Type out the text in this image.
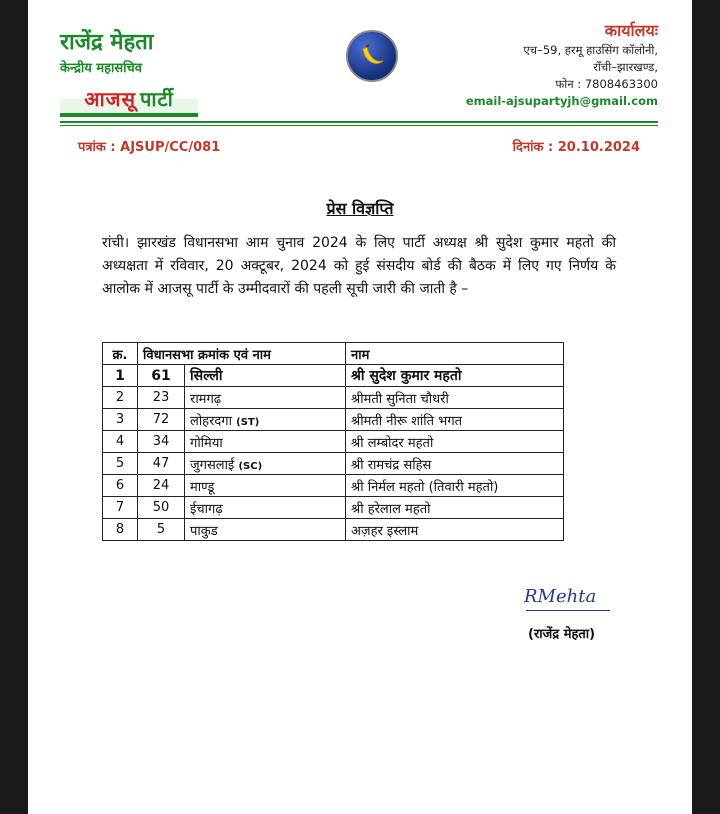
राजेंद्र मेहता
केन्द्रीय महासचिव
आजसू पार्टी
कार्यालयः
एच–59, हरमू हाउसिंग कॉलोनी,
राँची–झारखण्ड,
फोन : 7808463300
email-ajsupartyjh@gmail.com
पत्रांक : AJSUP/CC/081	दिनांक : 20.10.2024
प्रेस विज्ञप्ति
रांची। झारखंड विधानसभा आम चुनाव 2024 के लिए पार्टी अध्यक्ष श्री सुदेश कुमार महतो की अध्यक्षता में रविवार, 20 अक्टूबर, 2024 को हुई संसदीय बोर्ड की बैठक में लिए गए निर्णय के आलोक में आजसू पार्टी के उम्मीदवारों की पहली सूची जारी की जाती है –
क्र.	विधानसभा क्रमांक एवं नाम		नाम
1	61	सिल्ली	श्री सुदेश कुमार महतो
2	23	रामगढ़	श्रीमती सुनिता चौधरी
3	72	लोहरदगा (ST)	श्रीमती नीरू शांति भगत
4	34	गोमिया	श्री लम्बोदर महतो
5	47	जुगसलाई (SC)	श्री रामचंद्र सहिस
6	24	माण्डू	श्री निर्मल महतो (तिवारी महतो)
7	50	ईचागढ़	श्री हरेलाल महतो
8	5	पाकुड	अज़हर इस्लाम
RMehta
(राजेंद्र मेहता)
